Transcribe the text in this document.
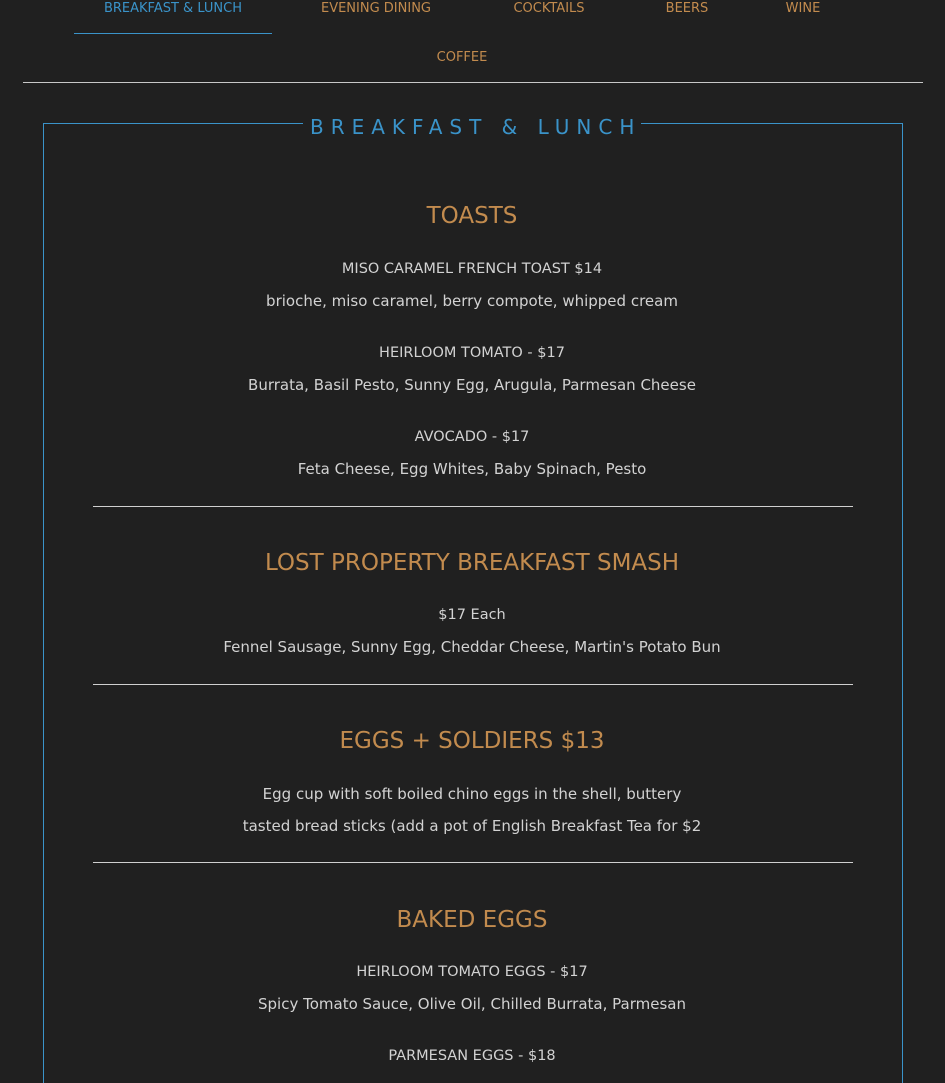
BREAKFAST & LUNCH	EVENING DINING	COCKTAILS	BEERS	WINE
COFFEE
BREAKFAST & LUNCH
TOASTS
MISO CARAMEL FRENCH TOAST $14
brioche, miso caramel, berry compote, whipped cream
HEIRLOOM TOMATO - $17
Burrata, Basil Pesto, Sunny Egg, Arugula, Parmesan Cheese
AVOCADO - $17
Feta Cheese, Egg Whites, Baby Spinach, Pesto
LOST PROPERTY BREAKFAST SMASH
$17 Each
Fennel Sausage, Sunny Egg, Cheddar Cheese, Martin's Potato Bun
EGGS + SOLDIERS $13
Egg cup with soft boiled chino eggs in the shell, buttery
tasted bread sticks (add a pot of English Breakfast Tea for $2
BAKED EGGS
HEIRLOOM TOMATO EGGS - $17
Spicy Tomato Sauce, Olive Oil, Chilled Burrata, Parmesan
PARMESAN EGGS - $18
